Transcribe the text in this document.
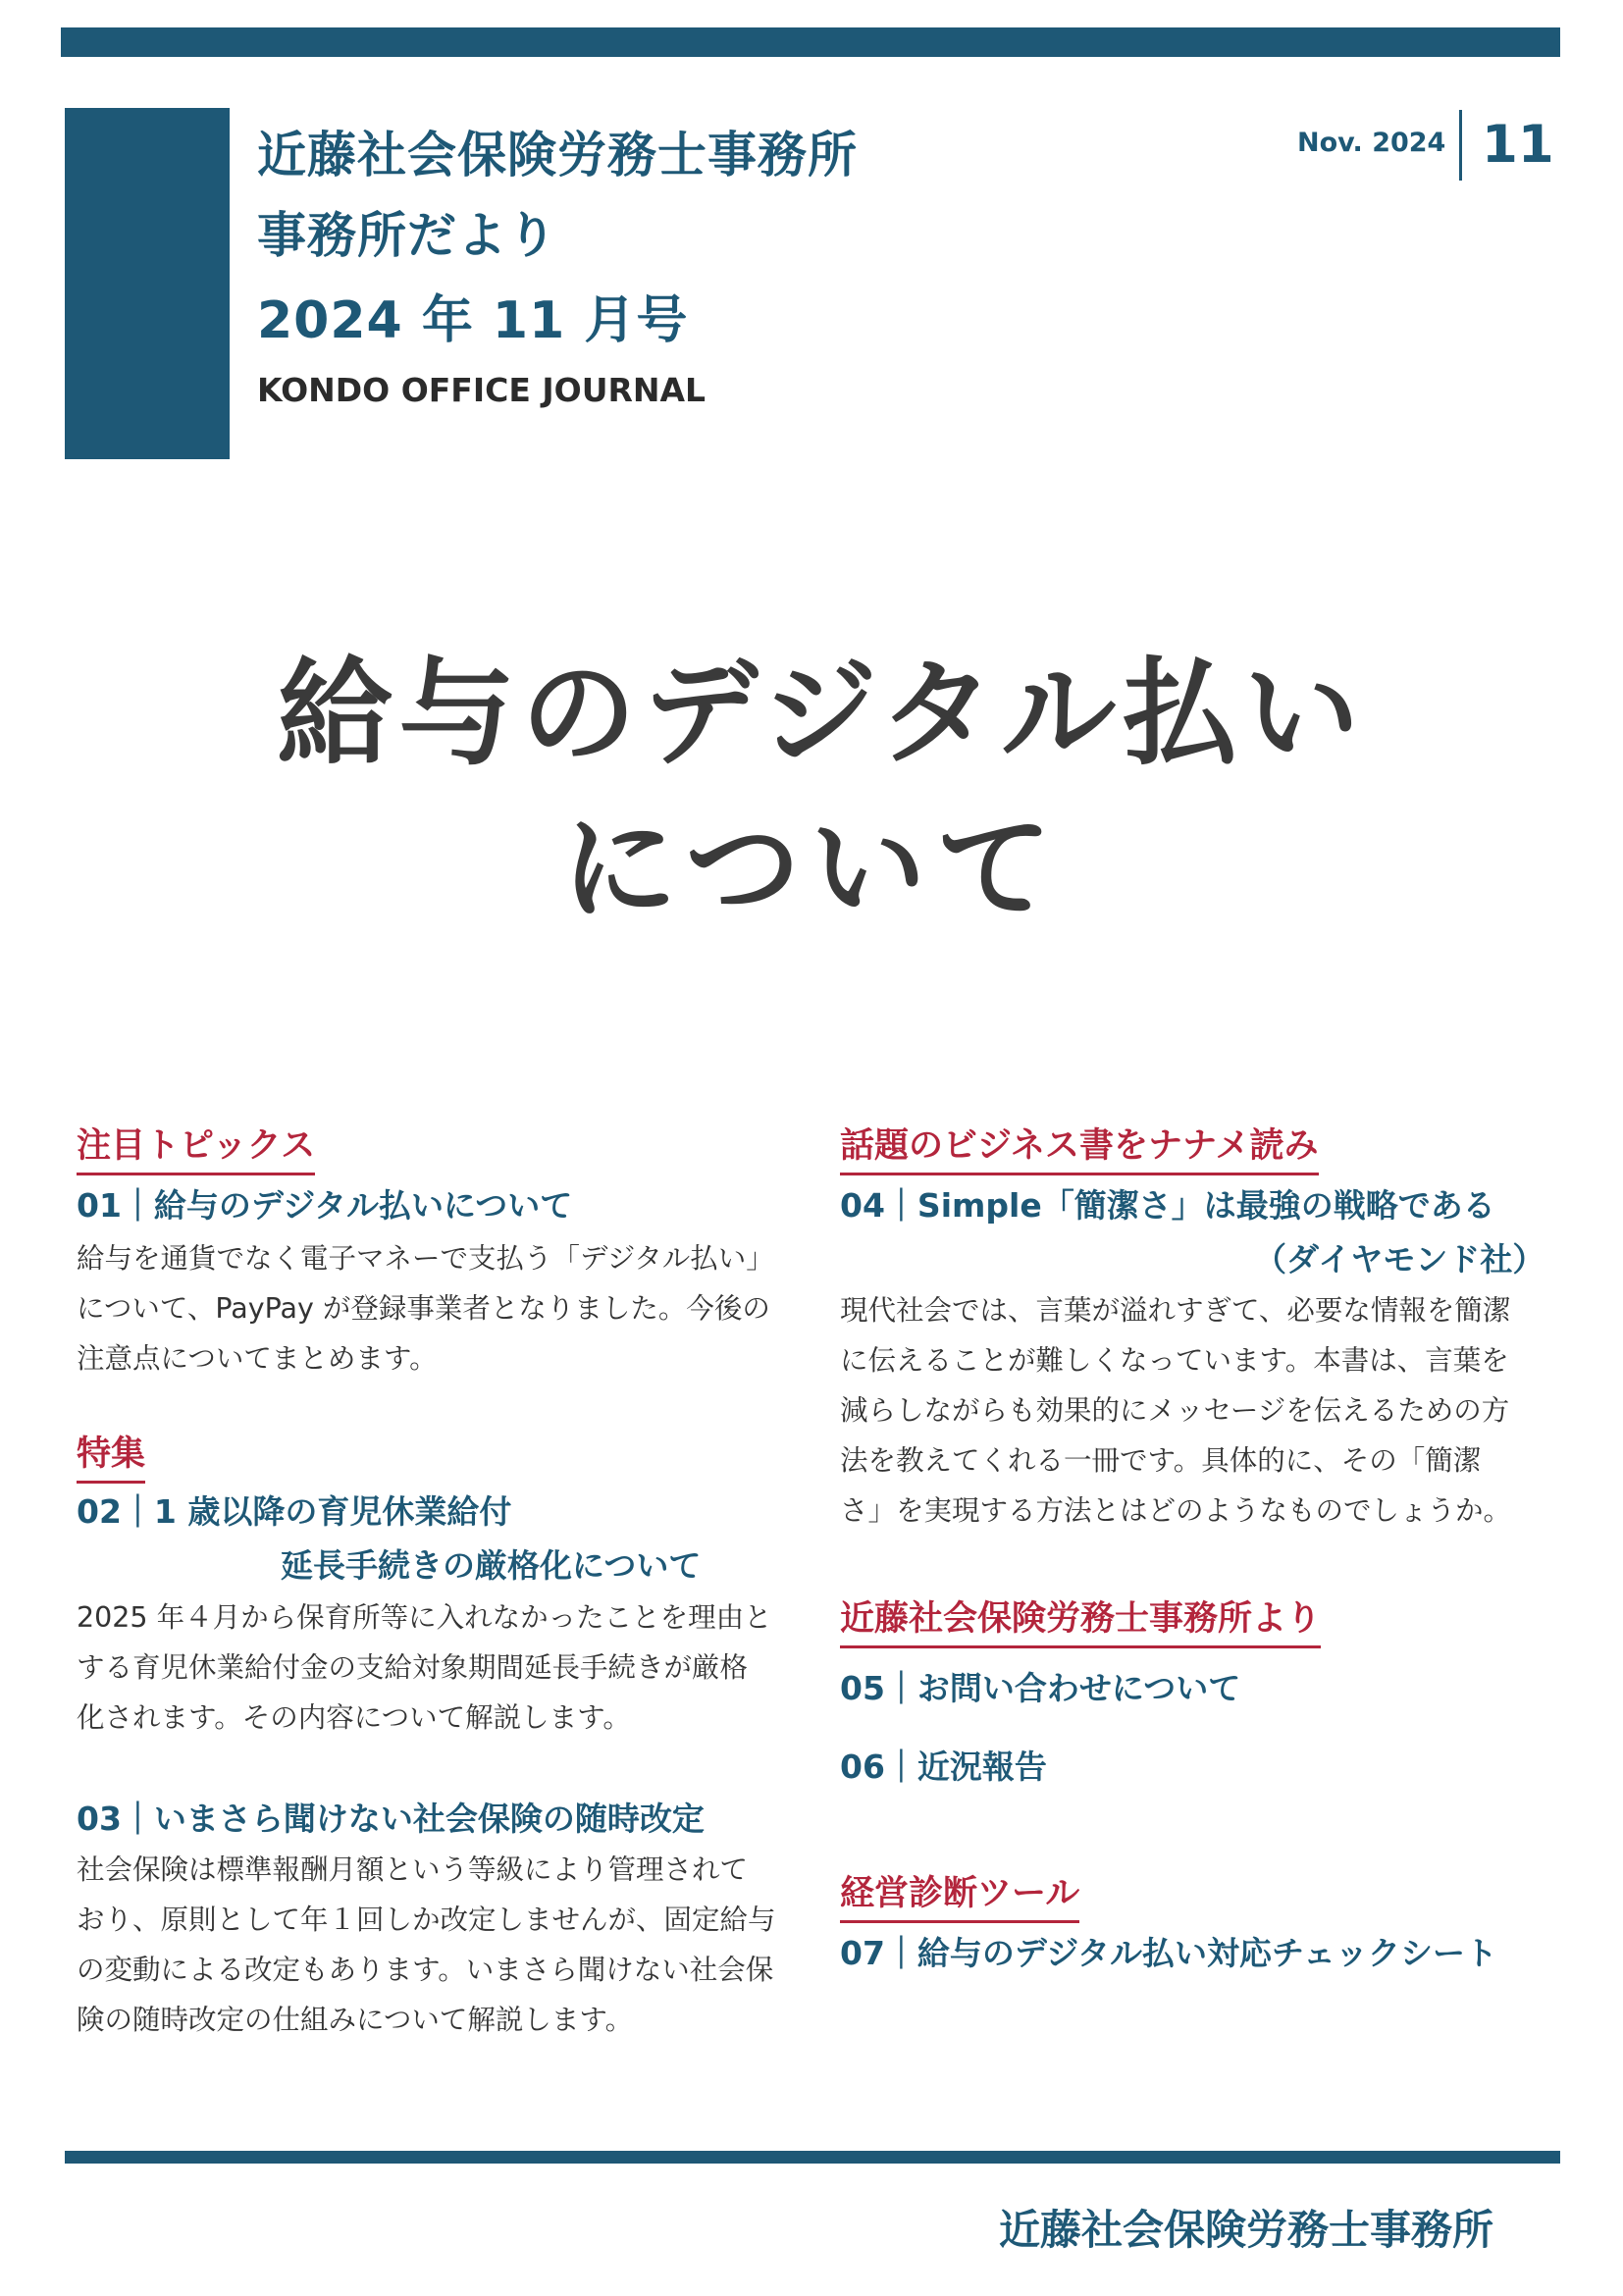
近藤社会保険労務士事務所
事務所だより
2024 年 11 月号
KONDO OFFICE JOURNAL
Nov. 2024 11
給与のデジタル払い
について
注目トピックス
01｜給与のデジタル払いについて
給与を通貨でなく電子マネーで支払う「デジタル払い」
について、PayPay が登録事業者となりました。今後の
注意点についてまとめます。
特集
02｜1 歳以降の育児休業給付
延長手続きの厳格化について
2025 年４月から保育所等に入れなかったことを理由と
する育児休業給付金の支給対象期間延長手続きが厳格
化されます。その内容について解説します。
03｜いまさら聞けない社会保険の随時改定
社会保険は標準報酬月額という等級により管理されて
おり、原則として年１回しか改定しませんが、固定給与
の変動による改定もあります。いまさら聞けない社会保
険の随時改定の仕組みについて解説します。
話題のビジネス書をナナメ読み
04｜Simple「簡潔さ」は最強の戦略である
（ダイヤモンド社）
現代社会では、言葉が溢れすぎて、必要な情報を簡潔
に伝えることが難しくなっています。本書は、言葉を
減らしながらも効果的にメッセージを伝えるための方
法を教えてくれる一冊です。具体的に、その「簡潔
さ」を実現する方法とはどのようなものでしょうか。
近藤社会保険労務士事務所より
05｜お問い合わせについて
06｜近況報告
経営診断ツール
07｜給与のデジタル払い対応チェックシート
近藤社会保険労務士事務所
